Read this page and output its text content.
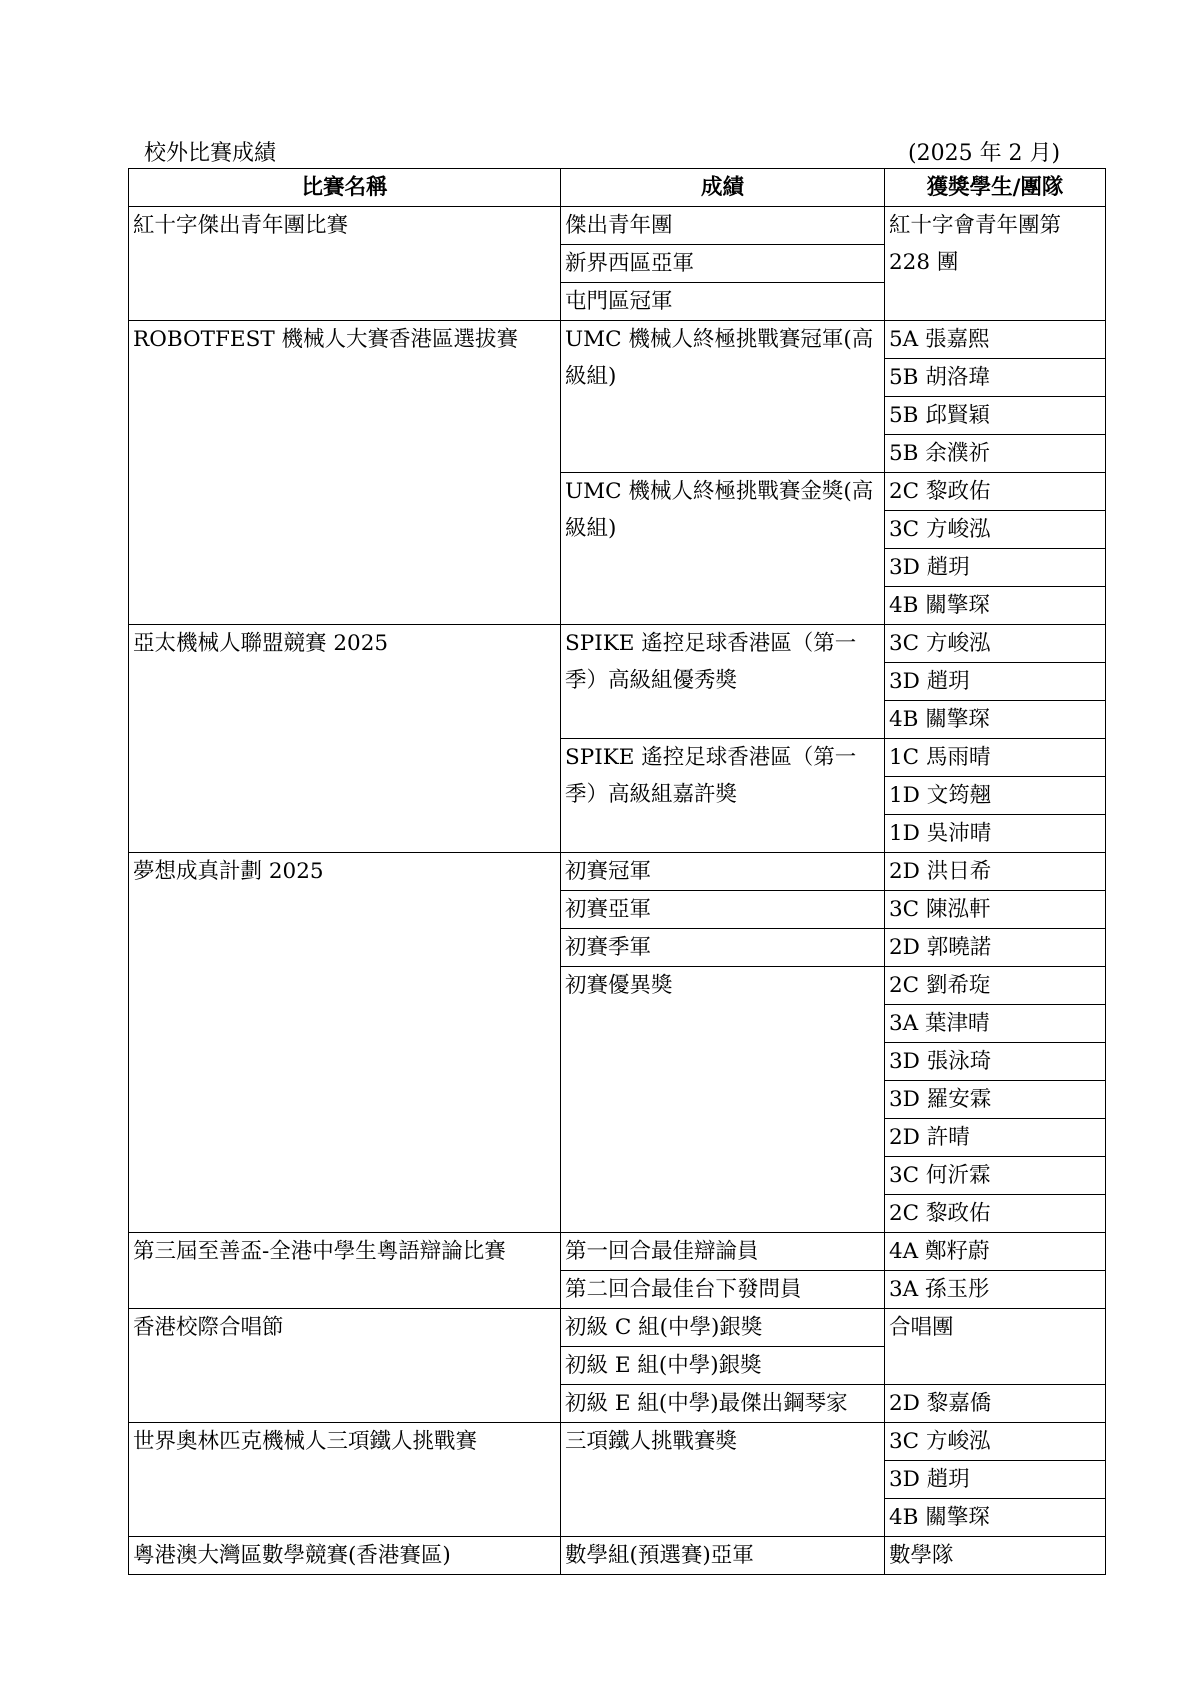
校外比賽成績	(2025 年 2 月)
比賽名稱	成績	獲獎學生/團隊
紅十字傑出青年團比賽	傑出青年團	紅十字會青年團第 228 團
	新界西區亞軍	
	屯門區冠軍	
ROBOTFEST 機械人大賽香港區選拔賽	UMC 機械人終極挑戰賽冠軍(高級組)	5A 張嘉熙
		5B 胡洛瑋
		5B 邱賢穎
		5B 余濮祈
	UMC 機械人終極挑戰賽金獎(高級組)	2C 黎政佑
		3C 方峻泓
		3D 趙玥
		4B 關擎琛
亞太機械人聯盟競賽 2025	SPIKE 遙控足球香港區（第一季）高級組優秀獎	3C 方峻泓
		3D 趙玥
		4B 關擎琛
	SPIKE 遙控足球香港區（第一季）高級組嘉許獎	1C 馬雨晴
		1D 文筠翹
		1D 吳沛晴
夢想成真計劃 2025	初賽冠軍	2D 洪日希
	初賽亞軍	3C 陳泓軒
	初賽季軍	2D 郭曉諾
	初賽優異獎	2C 劉希琁
		3A 葉津晴
		3D 張泳琦
		3D 羅安霖
		2D 許晴
		3C 何沂霖
		2C 黎政佑
第三屆至善盃-全港中學生粵語辯論比賽	第一回合最佳辯論員	4A 鄭籽蔚
	第二回合最佳台下發問員	3A 孫玉彤
香港校際合唱節	初級 C 組(中學)銀獎	合唱團
	初級 E 組(中學)銀獎	
	初級 E 組(中學)最傑出鋼琴家	2D 黎嘉僑
世界奧林匹克機械人三項鐵人挑戰賽	三項鐵人挑戰賽獎	3C 方峻泓
		3D 趙玥
		4B 關擎琛
粵港澳大灣區數學競賽(香港賽區)	數學組(預選賽)亞軍	數學隊
